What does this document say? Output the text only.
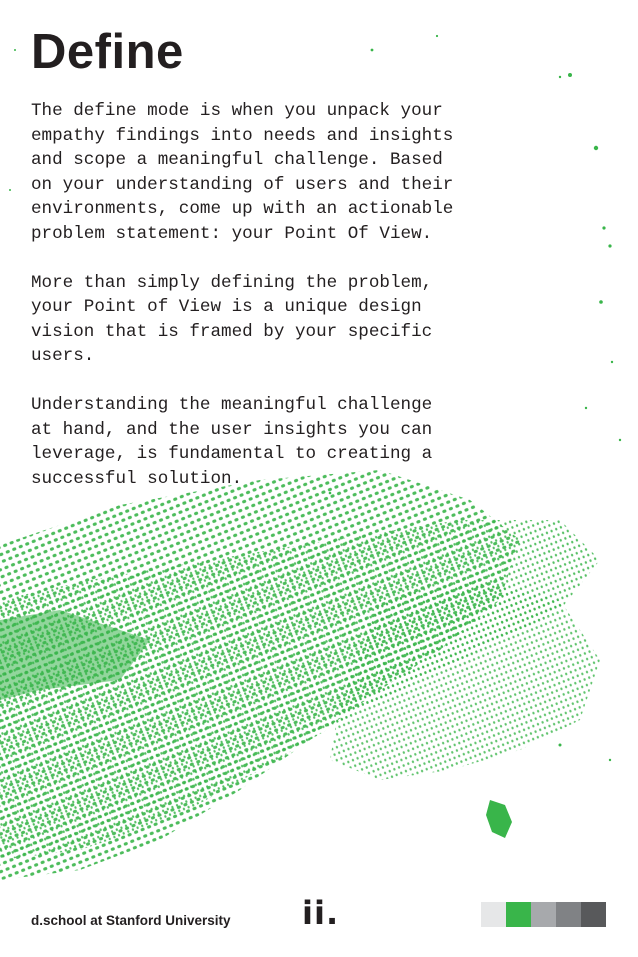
Define

The define mode is when you unpack your
empathy findings into needs and insights
and scope a meaningful challenge. Based
on your understanding of users and their
environments, come up with an actionable
problem statement: your Point Of View.

More than simply defining the problem,
your Point of View is a unique design
vision that is framed by your specific
users.

Understanding the meaningful challenge
at hand, and the user insights you can
leverage, is fundamental to creating a
successful solution.

d.school at Stanford University ii.
